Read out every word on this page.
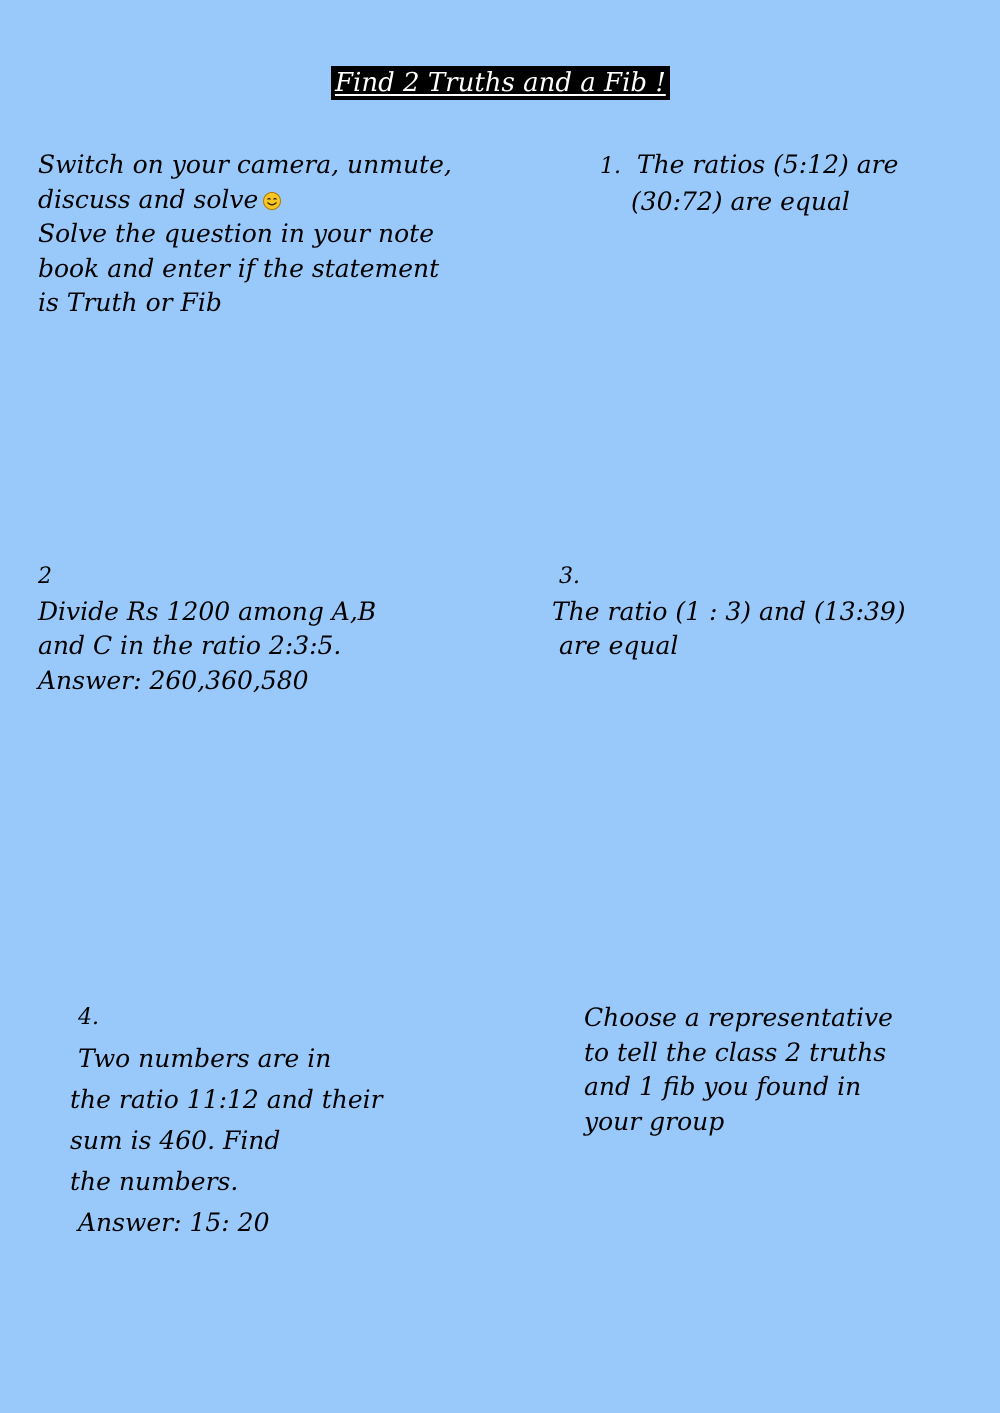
Find 2 Truths and a Fib !
Switch on your camera, unmute,
discuss and solve
Solve the question in your note
book and enter if the statement
is Truth or Fib
1. The ratios (5:12) are
(30:72) are equal
2
Divide Rs 1200 among A,B
and C in the ratio 2:3:5.
Answer: 260,360,580
3.
The ratio (1 : 3) and (13:39)
are equal
4.
Two numbers are in
the ratio 11:12 and their
sum is 460. Find
the numbers.
Answer: 15: 20
Choose a representative
to tell the class 2 truths
and 1 fib you found in
your group
